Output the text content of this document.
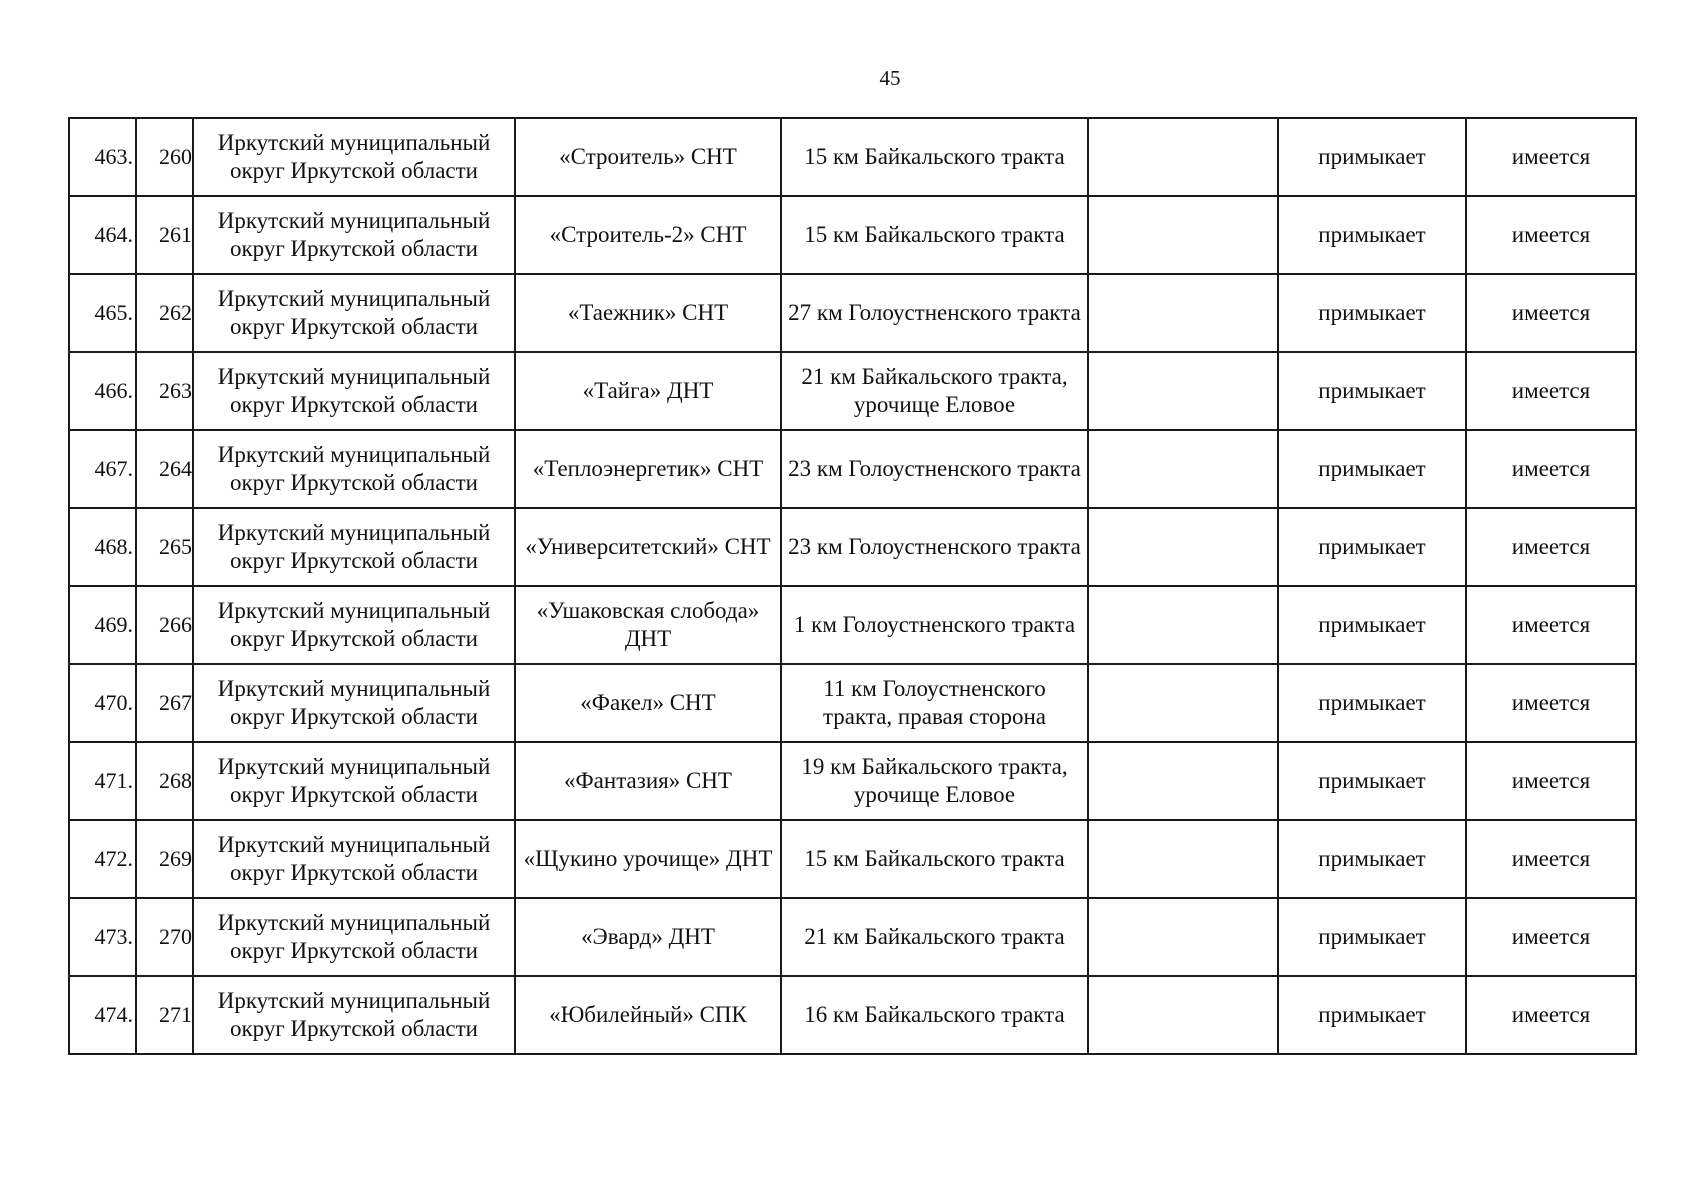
45
463.	260	Иркутский муниципальный округ Иркутской области	«Строитель» СНТ	15 км Байкальского тракта		примыкает	имеется
464.	261	Иркутский муниципальный округ Иркутской области	«Строитель-2» СНТ	15 км Байкальского тракта		примыкает	имеется
465.	262	Иркутский муниципальный округ Иркутской области	«Таежник» СНТ	27 км Голоустненского тракта		примыкает	имеется
466.	263	Иркутский муниципальный округ Иркутской области	«Тайга» ДНТ	21 км Байкальского тракта, урочище Еловое		примыкает	имеется
467.	264	Иркутский муниципальный округ Иркутской области	«Теплоэнергетик» СНТ	23 км Голоустненского тракта		примыкает	имеется
468.	265	Иркутский муниципальный округ Иркутской области	«Университетский» СНТ	23 км Голоустненского тракта		примыкает	имеется
469.	266	Иркутский муниципальный округ Иркутской области	«Ушаковская слобода» ДНТ	1 км Голоустненского тракта		примыкает	имеется
470.	267	Иркутский муниципальный округ Иркутской области	«Факел» СНТ	11 км Голоустненского тракта, правая сторона		примыкает	имеется
471.	268	Иркутский муниципальный округ Иркутской области	«Фантазия» СНТ	19 км Байкальского тракта, урочище Еловое		примыкает	имеется
472.	269	Иркутский муниципальный округ Иркутской области	«Щукино урочище» ДНТ	15 км Байкальского тракта		примыкает	имеется
473.	270	Иркутский муниципальный округ Иркутской области	«Эвард» ДНТ	21 км Байкальского тракта		примыкает	имеется
474.	271	Иркутский муниципальный округ Иркутской области	«Юбилейный» СПК	16 км Байкальского тракта		примыкает	имеется
